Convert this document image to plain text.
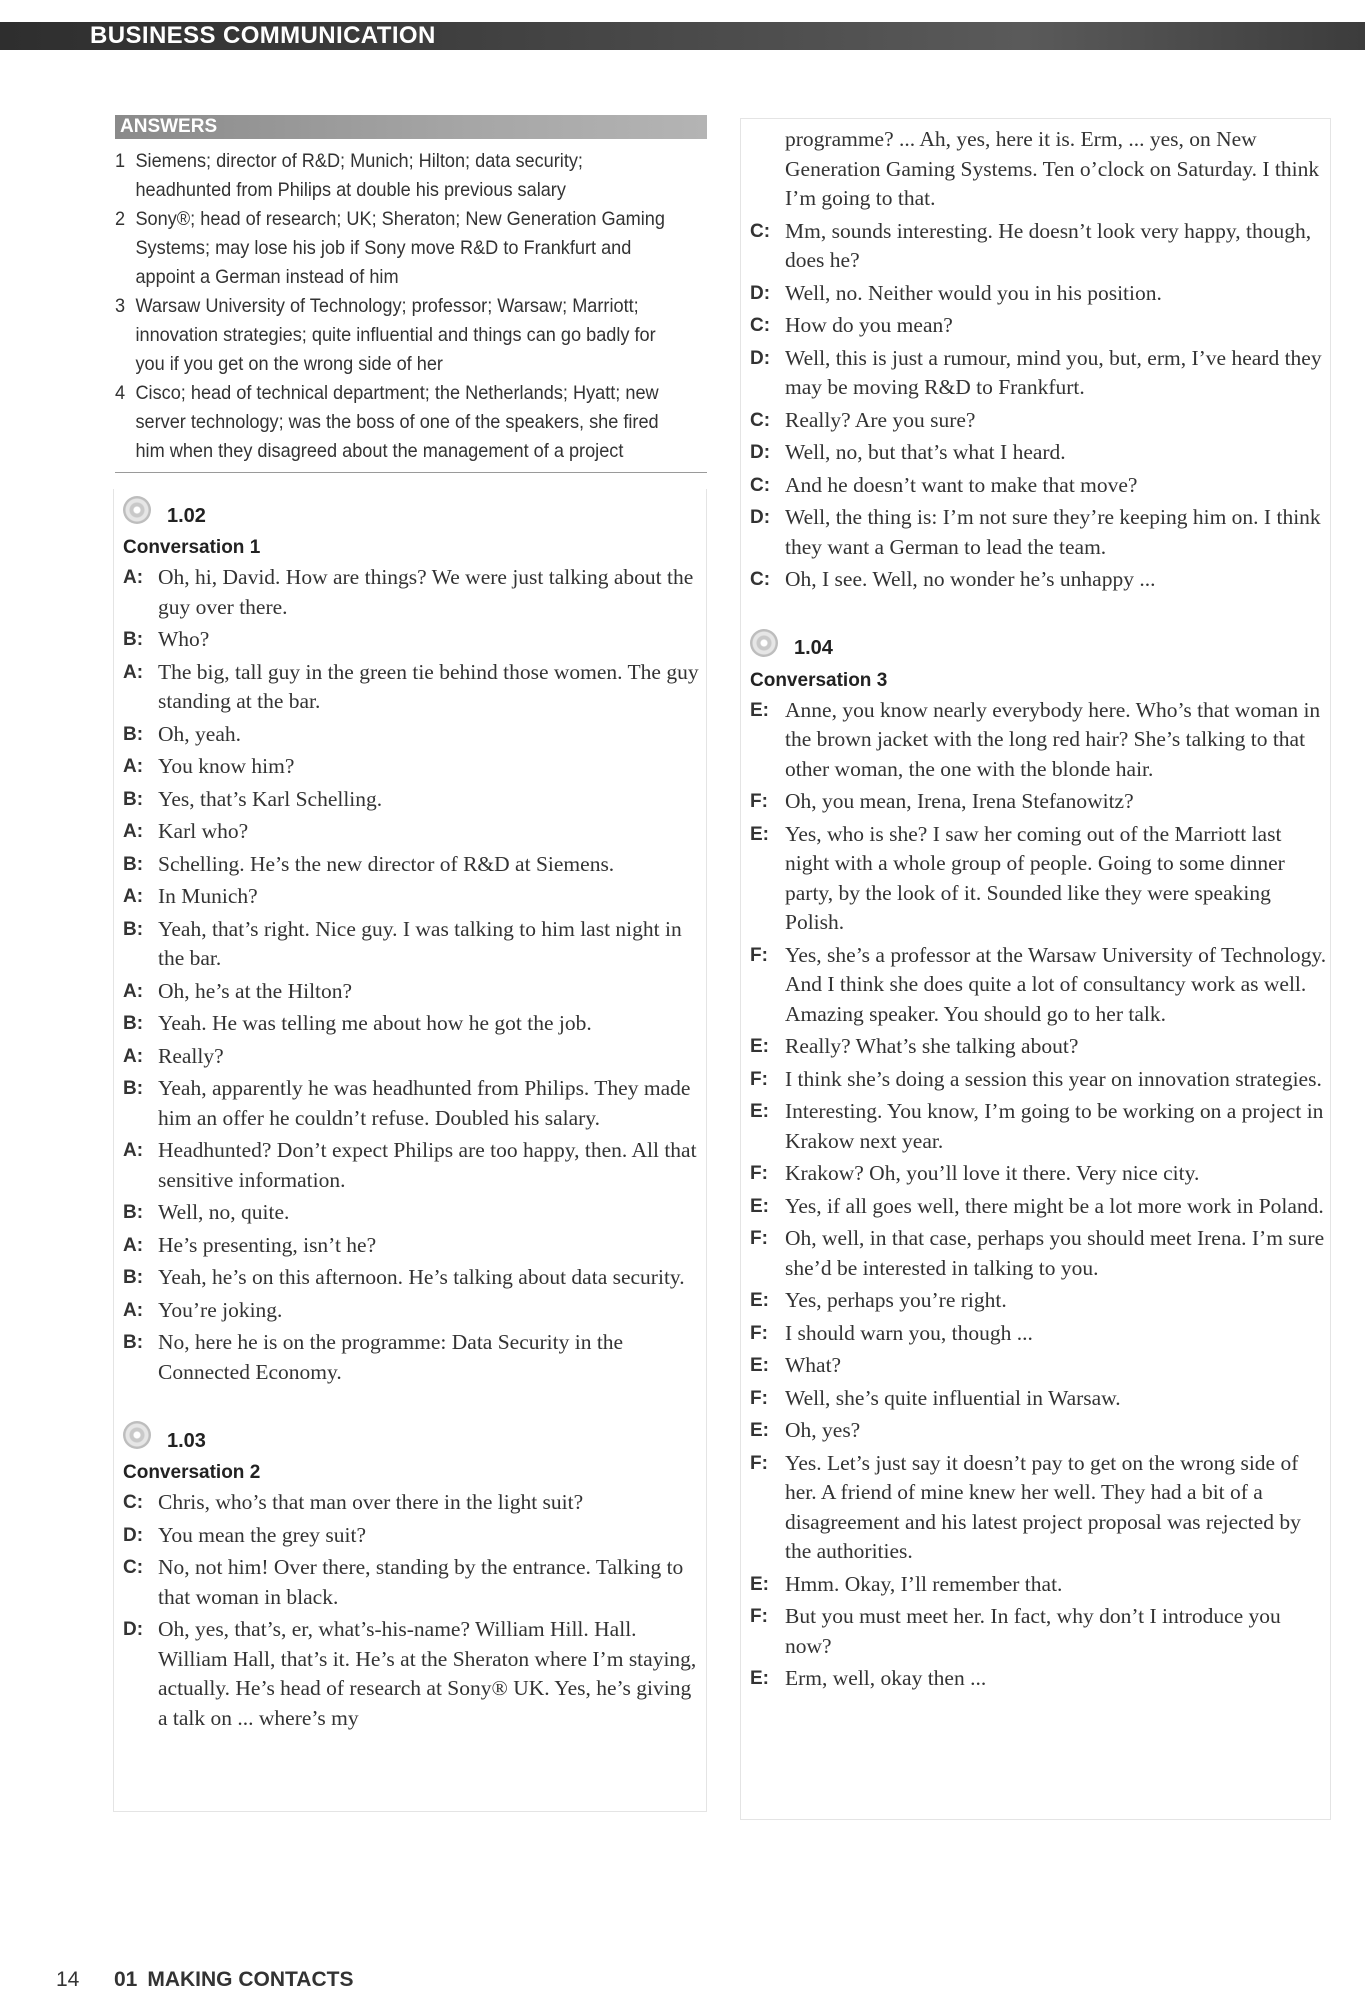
BUSINESS COMMUNICATION
ANSWERS
1 Siemens; director of R&D; Munich; Hilton; data security;
headhunted from Philips at double his previous salary
2 Sony®; head of research; UK; Sheraton; New Generation Gaming
Systems; may lose his job if Sony move R&D to Frankfurt and
appoint a German instead of him
3 Warsaw University of Technology; professor; Warsaw; Marriott;
innovation strategies; quite influential and things can go badly for
you if you get on the wrong side of her
4 Cisco; head of technical department; the Netherlands; Hyatt; new
server technology; was the boss of one of the speakers, she fired
him when they disagreed about the management of a project
1.02
Conversation 1
A: Oh, hi, David. How are things? We were just talking about the guy over there.
B: Who?
A: The big, tall guy in the green tie behind those women. The guy standing at the bar.
B: Oh, yeah.
A: You know him?
B: Yes, that’s Karl Schelling.
A: Karl who?
B: Schelling. He’s the new director of R&D at Siemens.
A: In Munich?
B: Yeah, that’s right. Nice guy. I was talking to him last night in the bar.
A: Oh, he’s at the Hilton?
B: Yeah. He was telling me about how he got the job.
A: Really?
B: Yeah, apparently he was headhunted from Philips. They made him an offer he couldn’t refuse. Doubled his salary.
A: Headhunted? Don’t expect Philips are too happy, then. All that sensitive information.
B: Well, no, quite.
A: He’s presenting, isn’t he?
B: Yeah, he’s on this afternoon. He’s talking about data security.
A: You’re joking.
B: No, here he is on the programme: Data Security in the Connected Economy.
1.03
Conversation 2
C: Chris, who’s that man over there in the light suit?
D: You mean the grey suit?
C: No, not him! Over there, standing by the entrance. Talking to that woman in black.
D: Oh, yes, that’s, er, what’s-his-name? William Hill. Hall. William Hall, that’s it. He’s at the Sheraton where I’m staying, actually. He’s head of research at Sony® UK. Yes, he’s giving a talk on ... where’s my
programme? ... Ah, yes, here it is. Erm, ... yes, on New Generation Gaming Systems. Ten o’clock on Saturday. I think I’m going to that.
C: Mm, sounds interesting. He doesn’t look very happy, though, does he?
D: Well, no. Neither would you in his position.
C: How do you mean?
D: Well, this is just a rumour, mind you, but, erm, I’ve heard they may be moving R&D to Frankfurt.
C: Really? Are you sure?
D: Well, no, but that’s what I heard.
C: And he doesn’t want to make that move?
D: Well, the thing is: I’m not sure they’re keeping him on. I think they want a German to lead the team.
C: Oh, I see. Well, no wonder he’s unhappy ...
1.04
Conversation 3
E: Anne, you know nearly everybody here. Who’s that woman in the brown jacket with the long red hair? She’s talking to that other woman, the one with the blonde hair.
F: Oh, you mean, Irena, Irena Stefanowitz?
E: Yes, who is she? I saw her coming out of the Marriott last night with a whole group of people. Going to some dinner party, by the look of it. Sounded like they were speaking Polish.
F: Yes, she’s a professor at the Warsaw University of Technology. And I think she does quite a lot of consultancy work as well. Amazing speaker. You should go to her talk.
E: Really? What’s she talking about?
F: I think she’s doing a session this year on innovation strategies.
E: Interesting. You know, I’m going to be working on a project in Krakow next year.
F: Krakow? Oh, you’ll love it there. Very nice city.
E: Yes, if all goes well, there might be a lot more work in Poland.
F: Oh, well, in that case, perhaps you should meet Irena. I’m sure she’d be interested in talking to you.
E: Yes, perhaps you’re right.
F: I should warn you, though ...
E: What?
F: Well, she’s quite influential in Warsaw.
E: Oh, yes?
F: Yes. Let’s just say it doesn’t pay to get on the wrong side of her. A friend of mine knew her well. They had a bit of a disagreement and his latest project proposal was rejected by the authorities.
E: Hmm. Okay, I’ll remember that.
F: But you must meet her. In fact, why don’t I introduce you now?
E: Erm, well, okay then ...
14 01 MAKING CONTACTS
